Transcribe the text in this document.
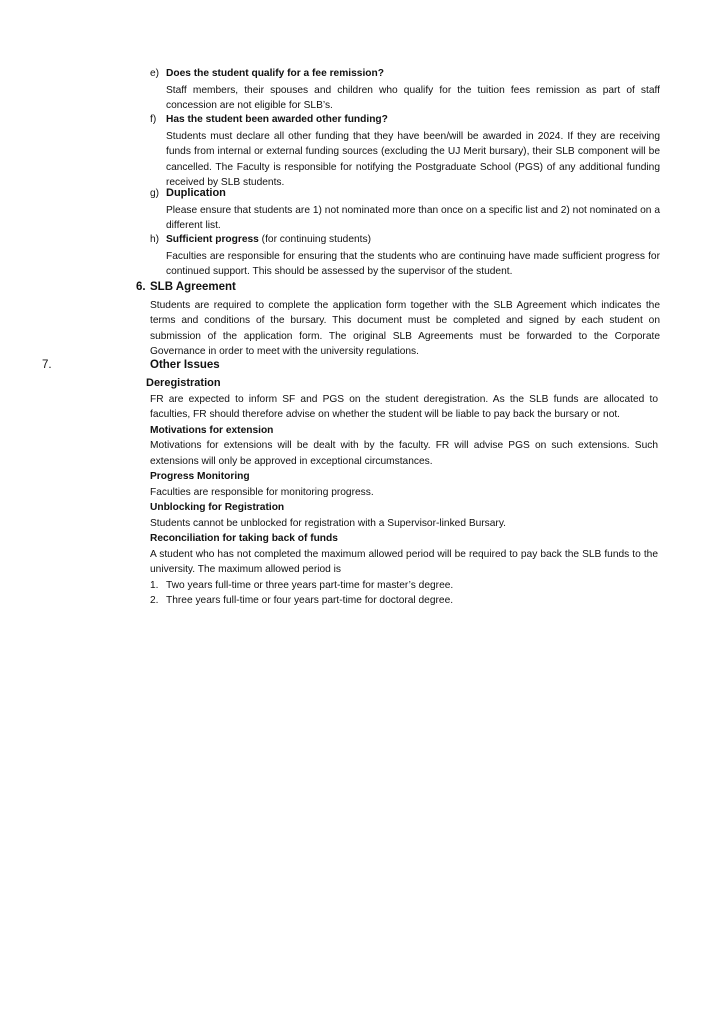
e) Does the student qualify for a fee remission?
Staff members, their spouses and children who qualify for the tuition fees remission as part of staff concession are not eligible for SLB’s.
f) Has the student been awarded other funding?
Students must declare all other funding that they have been/will be awarded in 2024. If they are receiving funds from internal or external funding sources (excluding the UJ Merit bursary), their SLB component will be cancelled. The Faculty is responsible for notifying the Postgraduate School (PGS) of any additional funding received by SLB students.
g) Duplication
Please ensure that students are 1) not nominated more than once on a specific list and 2) not nominated on a different list.
h) Sufficient progress (for continuing students)
Faculties are responsible for ensuring that the students who are continuing have made sufficient progress for continued support. This should be assessed by the supervisor of the student.
6. SLB Agreement
Students are required to complete the application form together with the SLB Agreement which indicates the terms and conditions of the bursary. This document must be completed and signed by each student on submission of the application form. The original SLB Agreements must be forwarded to the Corporate Governance in order to meet with the university regulations.
7.	Other Issues
Deregistration
FR are expected to inform SF and PGS on the student deregistration. As the SLB funds are allocated to faculties, FR should therefore advise on whether the student will be liable to pay back the bursary or not.
Motivations for extension
Motivations for extensions will be dealt with by the faculty. FR will advise PGS on such extensions. Such extensions will only be approved in exceptional circumstances.
Progress Monitoring
Faculties are responsible for monitoring progress.
Unblocking for Registration
Students cannot be unblocked for registration with a Supervisor-linked Bursary.
Reconciliation for taking back of funds
A student who has not completed the maximum allowed period will be required to pay back the SLB funds to the university. The maximum allowed period is
1. Two years full-time or three years part-time for master’s degree.
2. Three years full-time or four years part-time for doctoral degree.
